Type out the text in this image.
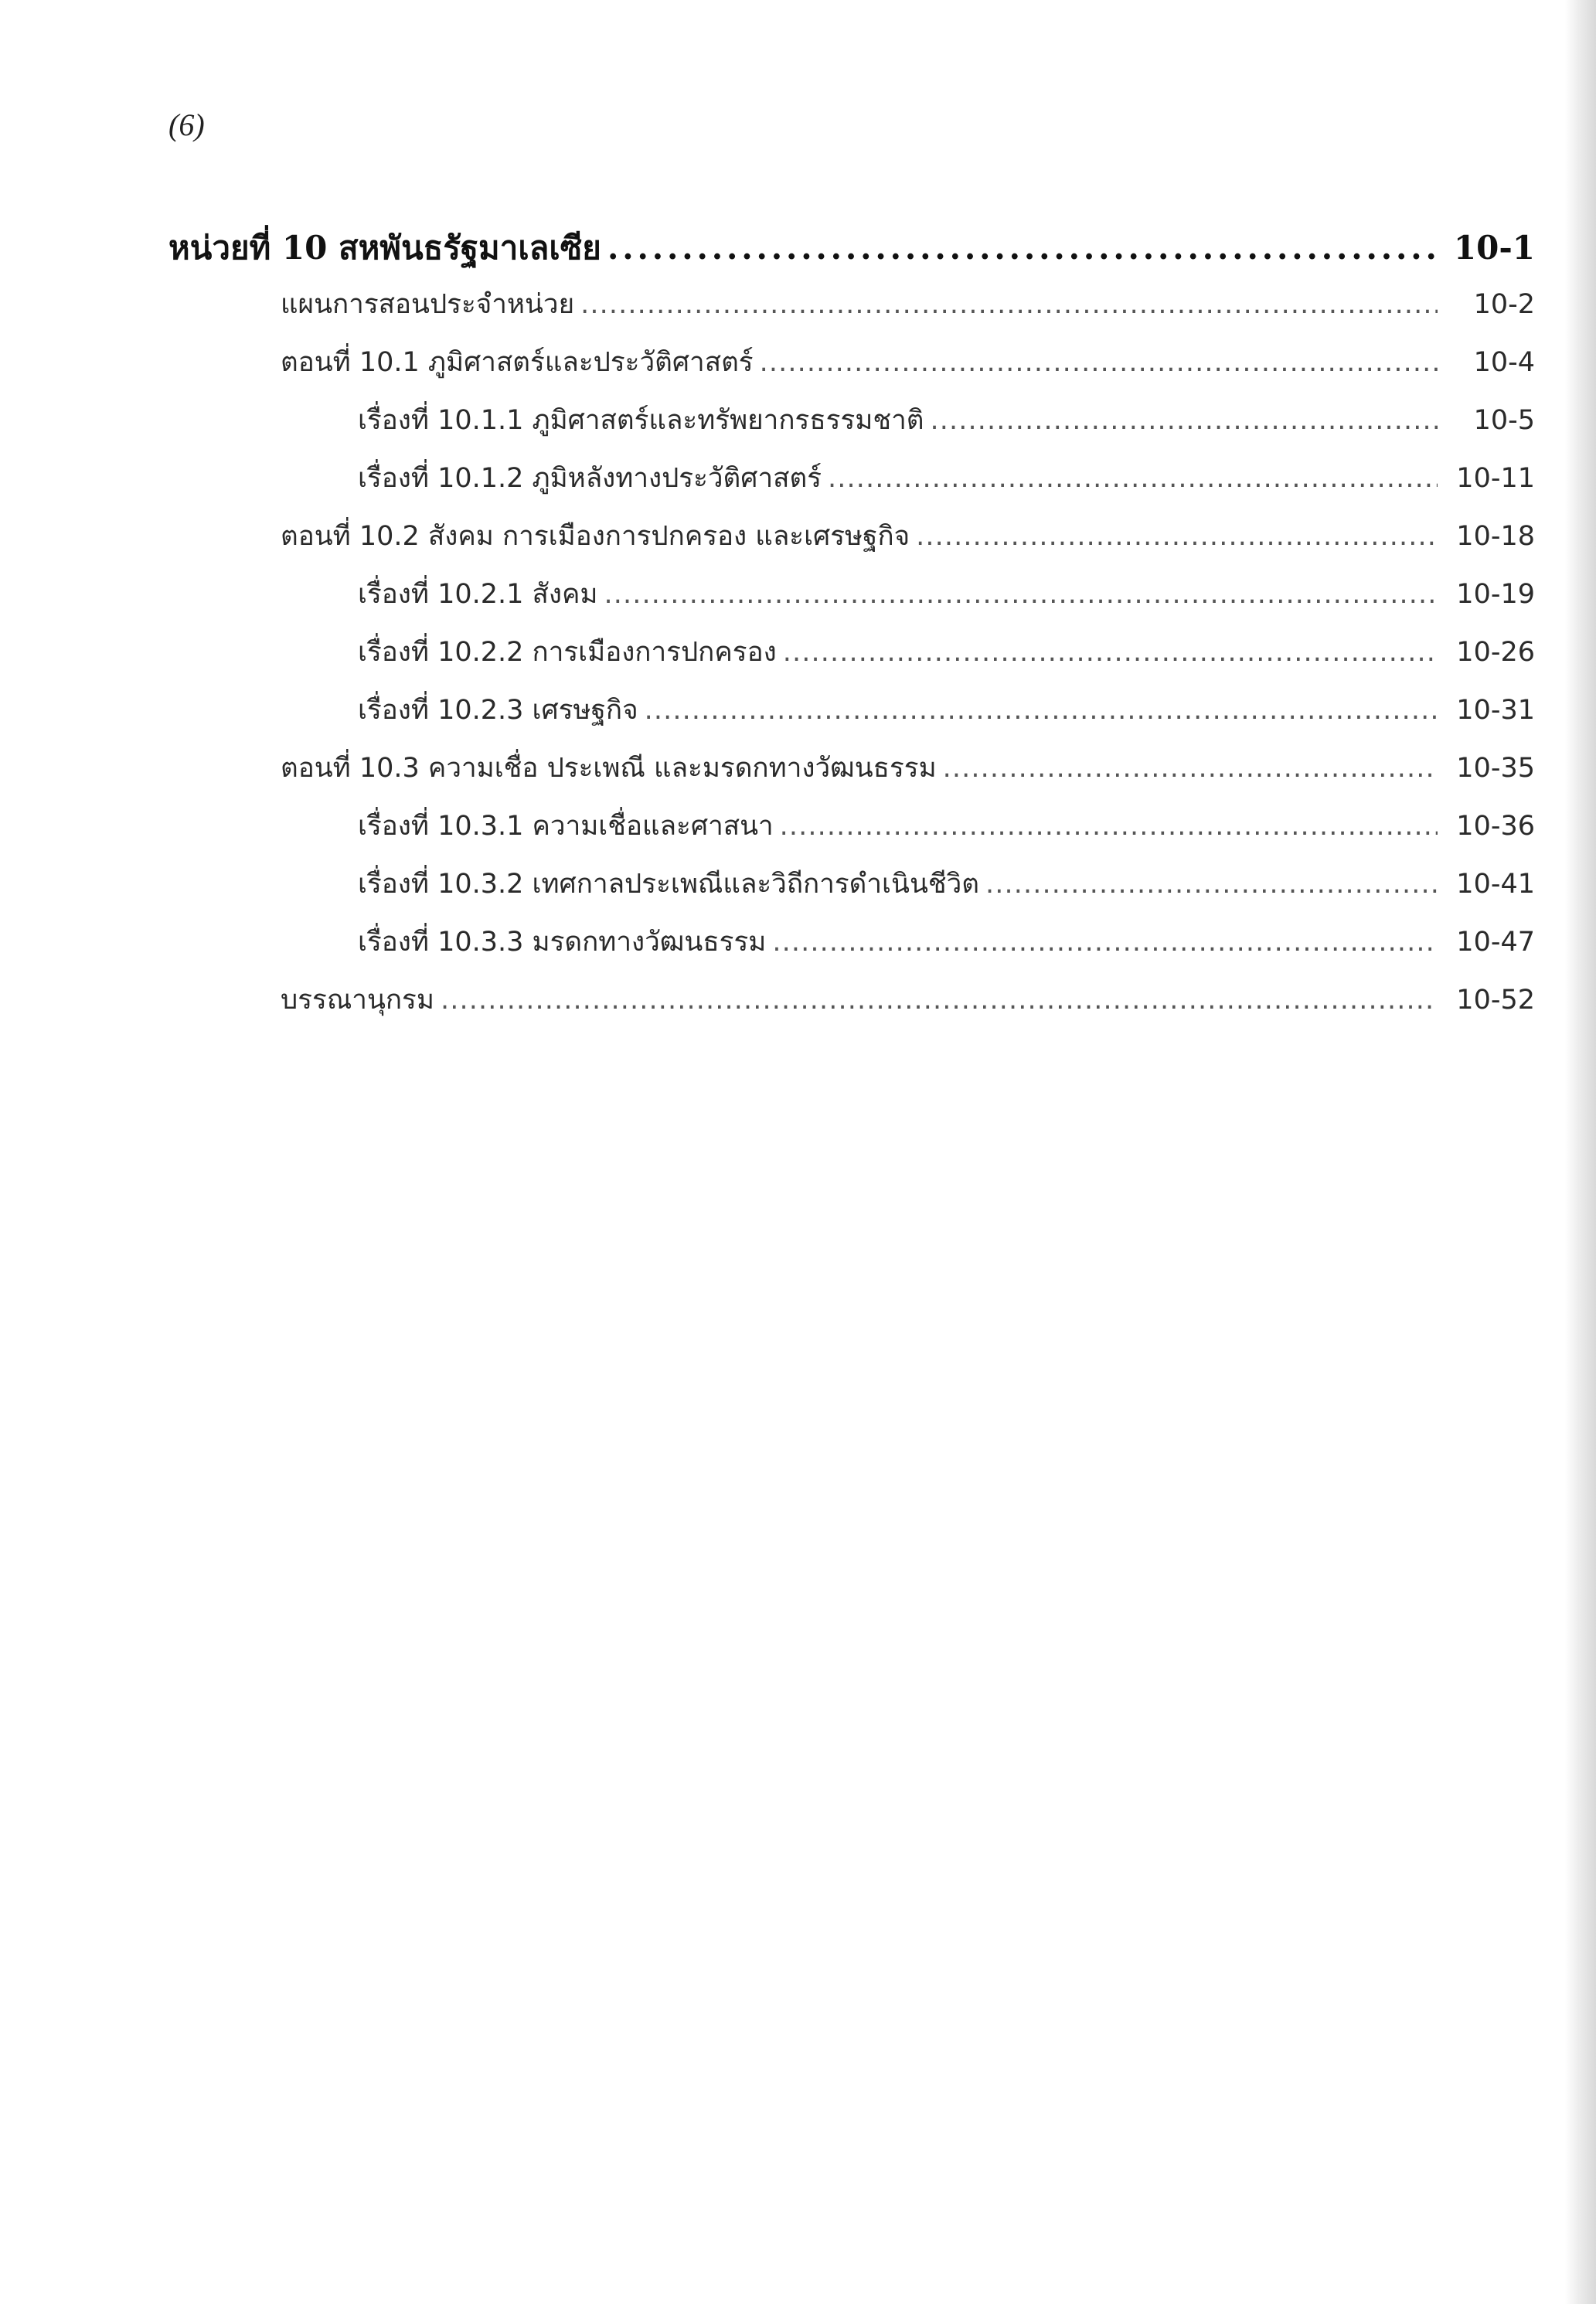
(6)
หน่วยที่ 10 สหพันธรัฐมาเลเซีย . . .	10-1
แผนการสอนประจำหน่วย . . .	10-2
ตอนที่ 10.1 ภูมิศาสตร์และประวัติศาสตร์ . . .	10-4
เรื่องที่ 10.1.1 ภูมิศาสตร์และทรัพยากรธรรมชาติ . . .	10-5
เรื่องที่ 10.1.2 ภูมิหลังทางประวัติศาสตร์ . . .	10-11
ตอนที่ 10.2 สังคม การเมืองการปกครอง และเศรษฐกิจ . . .	10-18
เรื่องที่ 10.2.1 สังคม . . .	10-19
เรื่องที่ 10.2.2 การเมืองการปกครอง . . .	10-26
เรื่องที่ 10.2.3 เศรษฐกิจ . . .	10-31
ตอนที่ 10.3 ความเชื่อ ประเพณี และมรดกทางวัฒนธรรม . . .	10-35
เรื่องที่ 10.3.1 ความเชื่อและศาสนา . . .	10-36
เรื่องที่ 10.3.2 เทศกาลประเพณีและวิถีการดำเนินชีวิต . . .	10-41
เรื่องที่ 10.3.3 มรดกทางวัฒนธรรม . . .	10-47
บรรณานุกรม . . .	10-52
